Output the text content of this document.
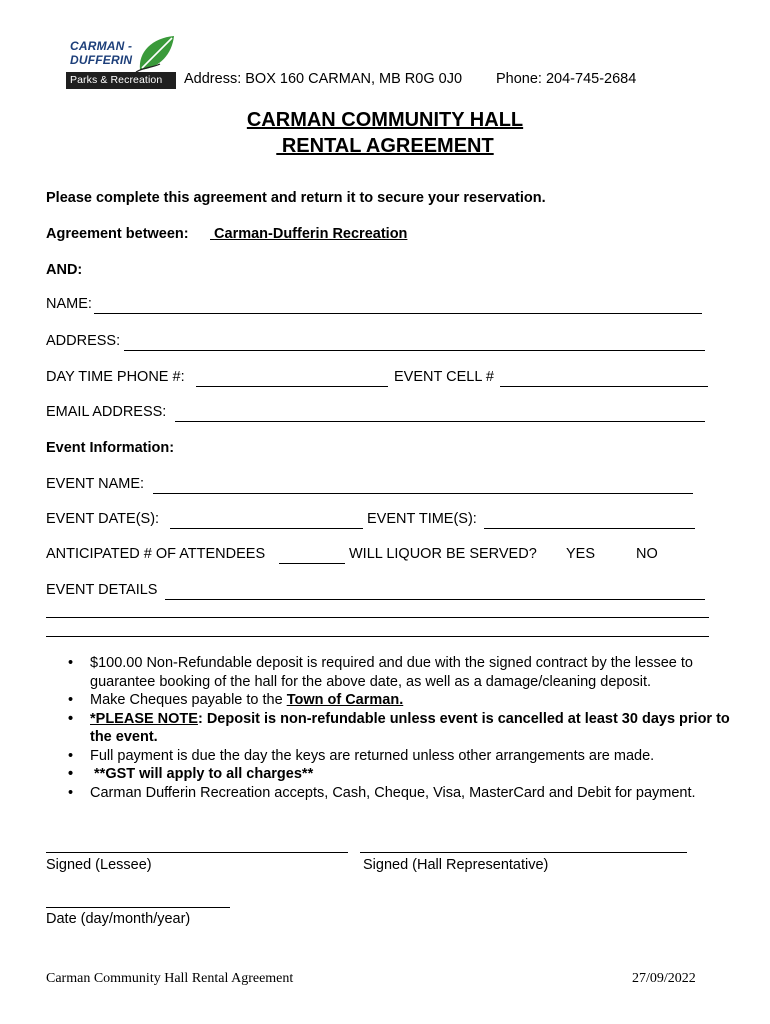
CARMAN -
DUFFERIN
Parks & Recreation Address: BOX 160 CARMAN, MB R0G 0J0 Phone: 204-745-2684
CARMAN COMMUNITY HALL
RENTAL AGREEMENT
Please complete this agreement and return it to secure your reservation.
Agreement between: Carman-Dufferin Recreation
AND:
NAME:
ADDRESS:
DAY TIME PHONE #:	EVENT CELL #
EMAIL ADDRESS:
Event Information:
EVENT NAME:
EVENT DATE(S):	EVENT TIME(S):
ANTICIPATED # OF ATTENDEES	WILL LIQUOR BE SERVED? YES	NO
EVENT DETAILS
• $100.00 Non-Refundable deposit is required and due with the signed contract by the lessee to guarantee booking of the hall for the above date, as well as a damage/cleaning deposit.
• Make Cheques payable to the Town of Carman.
• *PLEASE NOTE: Deposit is non-refundable unless event is cancelled at least 30 days prior to the event.
• Full payment is due the day the keys are returned unless other arrangements are made.
• **GST will apply to all charges**
• Carman Dufferin Recreation accepts, Cash, Cheque, Visa, MasterCard and Debit for payment.
Signed (Lessee)	Signed (Hall Representative)
Date (day/month/year)
Carman Community Hall Rental Agreement	27/09/2022
